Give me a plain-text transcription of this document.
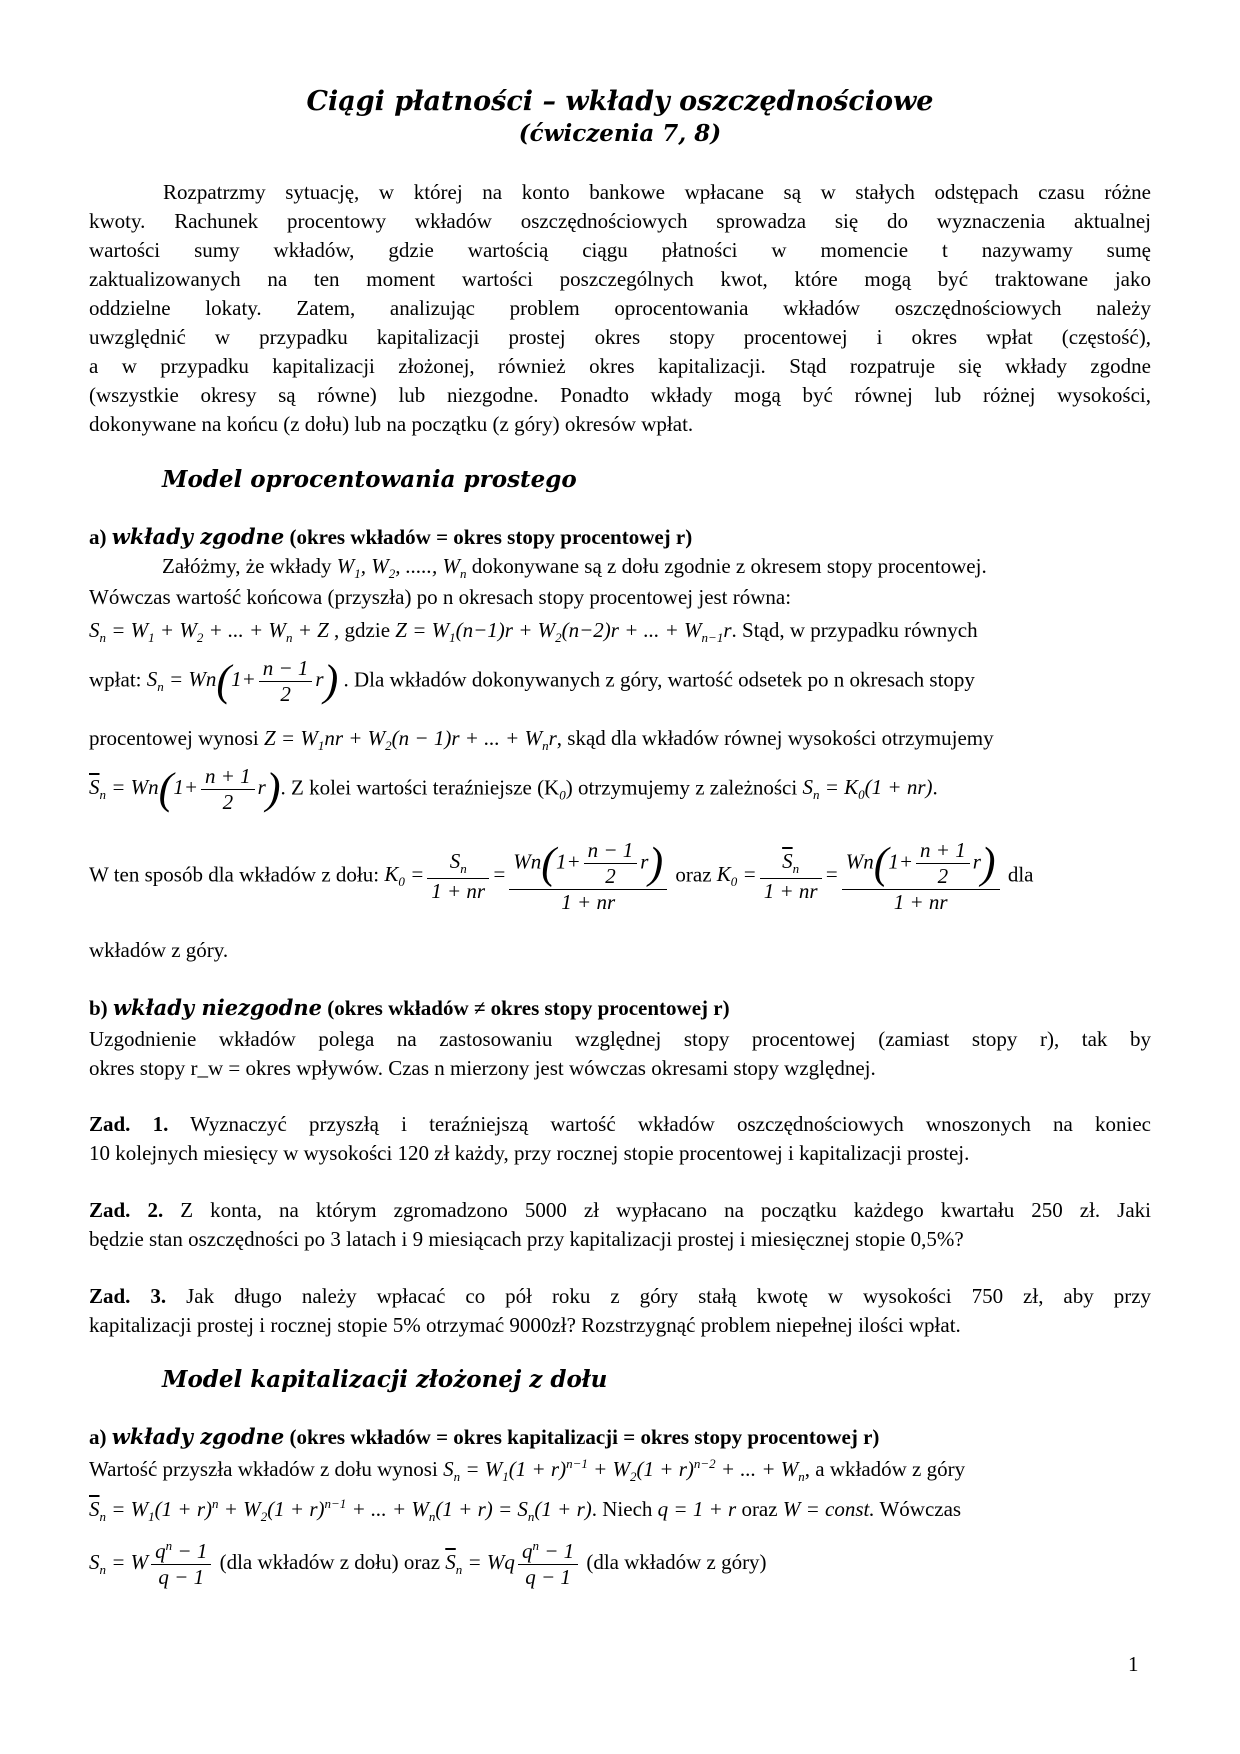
Ciągi płatności – wkłady oszczędnościowe
(ćwiczenia 7, 8)
Rozpatrzmy sytuację, w której na konto bankowe wpłacane są w stałych odstępach czasu różne
kwoty. Rachunek procentowy wkładów oszczędnościowych sprowadza się do wyznaczenia aktualnej
wartości sumy wkładów, gdzie wartością ciągu płatności w momencie t nazywamy sumę
zaktualizowanych na ten moment wartości poszczególnych kwot, które mogą być traktowane jako
oddzielne lokaty. Zatem, analizując problem oprocentowania wkładów oszczędnościowych należy
uwzględnić w przypadku kapitalizacji prostej okres stopy procentowej i okres wpłat (częstość),
a w przypadku kapitalizacji złożonej, również okres kapitalizacji. Stąd rozpatruje się wkłady zgodne
(wszystkie okresy są równe) lub niezgodne. Ponadto wkłady mogą być równej lub różnej wysokości,
dokonywane na końcu (z dołu) lub na początku (z góry) okresów wpłat.
Model oprocentowania prostego
a) wkłady zgodne (okres wkładów = okres stopy procentowej r)
Załóżmy, że wkłady $W_1$, $W_2$, ....., $W_n$ dokonywane są z dołu zgodnie z okresem stopy procentowej.
Wówczas wartość końcowa (przyszła) po n okresach stopy procentowej jest równa:
$S_n = W_1 + W_2$ + ... + $W_n + Z$ , gdzie $Z = W_1(n-1)r + W_2(n-2)r$ + ... + $W_{n-1}r$. Stąd, w przypadku równych
wpłat: $S_n = Wn(1+ \frac{n - 1}{2} r)$ . Dla wkładów dokonywanych z góry, wartość odsetek po n okresach stopy
procentowej wynosi $Z = W_1nr + W_2(n - 1)r$ + ... + $W_nr$, skąd dla wkładów równej wysokości otrzymujemy
$\overline{S}_n = Wn(1+ \frac{n + 1}{2} r)$. Z kolei wartości teraźniejsze $(K_0)$ otrzymujemy z zależności $S_n = K_0(1 + nr)$.
W ten sposób dla wkładów z dołu: $K_0 = \frac{S_n}{1 + nr} = \frac{Wn(1+ \frac{n - 1}{2} r)}{1 + nr}$ oraz $K_0 = \frac{\overline{S}_n}{1 + nr} = \frac{Wn(1+ \frac{n + 1}{2} r)}{1 + nr}$ dla
wkładów z góry.
b) wkłady niezgodne (okres wkładów ≠ okres stopy procentowej r)
Uzgodnienie wkładów polega na zastosowaniu względnej stopy procentowej (zamiast stopy r), tak by
okres stopy r_w = okres wpływów. Czas n mierzony jest wówczas okresami stopy względnej.
Zad. 1. Wyznaczyć przyszłą i teraźniejszą wartość wkładów oszczędnościowych wnoszonych na koniec
10 kolejnych miesięcy w wysokości 120 zł każdy, przy rocznej stopie procentowej i kapitalizacji prostej.
Zad. 2. Z konta, na którym zgromadzono 5000 zł wypłacano na początku każdego kwartału 250 zł. Jaki
będzie stan oszczędności po 3 latach i 9 miesiącach przy kapitalizacji prostej i miesięcznej stopie 0,5%?
Zad. 3. Jak długo należy wpłacać co pół roku z góry stałą kwotę w wysokości 750 zł, aby przy
kapitalizacji prostej i rocznej stopie 5% otrzymać 9000zł? Rozstrzygnąć problem niepełnej ilości wpłat.
Model kapitalizacji złożonej z dołu
a) wkłady zgodne (okres wkładów = okres kapitalizacji = okres stopy procentowej r)
Wartość przyszła wkładów z dołu wynosi $S_n = W_1(1 + r)^{n-1} + W_2(1 + r)^{n-2}$ + ... + $W_n$, a wkładów z góry
$\overline{S}_n = W_1(1 + r)^n + W_2(1 + r)^{n-1}$ + ... + $W_n(1 + r) = S_n(1 + r)$. Niech q = 1 + r oraz W = const. Wówczas
$S_n = W \frac{q^n - 1}{q - 1} (dla$ wkładów z dołu) oraz $\overline{S}_n = Wq \frac{q^n - 1}{q - 1} (dla$ wkładów z góry)
1
